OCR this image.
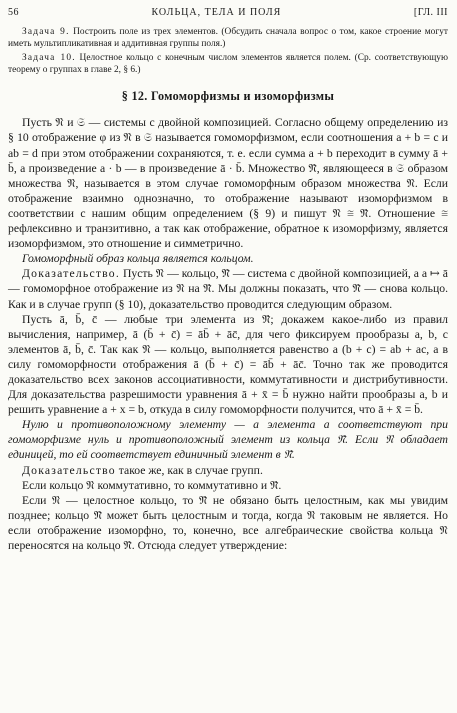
56	КОЛЬЦА, ТЕЛА И ПОЛЯ	[ГЛ. III

Задача 9. Построить поле из трех элементов. (Обсудить сначала вопрос о том, какое строение могут иметь мультипликативная и аддитивная группы поля.)

Задача 10. Целостное кольцо с конечным числом элементов является полем. (Ср. соответствующую теорему о группах в главе 2, § 6.)

§ 12. Гомоморфизмы и изоморфизмы

Пусть 𝔑 и 𝔖 — системы с двойной композицией. Согласно общему определению из § 10 отображение φ из 𝔑 в 𝔖 называется гомоморфизмом, если соотношения a + b = c и ab = d при этом отображении сохраняются, т. е. если сумма a + b переходит в сумму ā + b̄, а произведение a · b — в произведение ā · b̄. Множество 𝔑̄, являющееся в 𝔖 образом множества 𝔑, называется в этом случае гомоморфным образом множества 𝔑. Если отображение взаимно однозначно, то отображение называют изоморфизмом в соответствии с нашим общим определением (§ 9) и пишут 𝔑 ≅ 𝔑̄. Отношение ≅ рефлексивно и транзитивно, а так как отображение, обратное к изоморфизму, является изоморфизмом, это отношение и симметрично.

Гомоморфный образ кольца является кольцом.

Доказательство. Пусть 𝔑 — кольцо, 𝔑̄ — система с двойной композицией, а a ↦ ā — гомоморфное отображение из 𝔑 на 𝔑̄. Мы должны показать, что 𝔑̄ — снова кольцо. Как и в случае групп (§ 10), доказательство проводится следующим образом.

Пусть ā, b̄, c̄ — любые три элемента из 𝔑̄; докажем какое-либо из правил вычисления, например, ā (b̄ + c̄) = āb̄ + āc̄, для чего фиксируем прообразы a, b, c элементов ā, b̄, c̄. Так как 𝔑 — кольцо, выполняется равенство a (b + c) = ab + ac, а в силу гомоморфности отображения ā (b̄ + c̄) = āb̄ + āc̄. Точно так же проводится доказательство всех законов ассоциативности, коммутативности и дистрибутивности. Для доказательства разрешимости уравнения ā + x̄ = b̄ нужно найти прообразы a, b и решить уравнение a + x = b, откуда в силу гомоморфности получится, что ā + x̄ = b̄.

Нулю и противоположному элементу — a элемента a соответствуют при гомоморфизме нуль и противоположный элемент из кольца 𝔑̄. Если 𝔑 обладает единицей, то ей соответствует единичный элемент в 𝔑̄.

Доказательство такое же, как в случае групп.

Если кольцо 𝔑 коммутативно, то коммутативно и 𝔑̄.

Если 𝔑 — целостное кольцо, то 𝔑̄ не обязано быть целостным, как мы увидим позднее; кольцо 𝔑̄ может быть целостным и тогда, когда 𝔑 таковым не является. Но если отображение изоморфно, то, конечно, все алгебраические свойства кольца 𝔑 переносятся на кольцо 𝔑̄. Отсюда следует утверждение:
